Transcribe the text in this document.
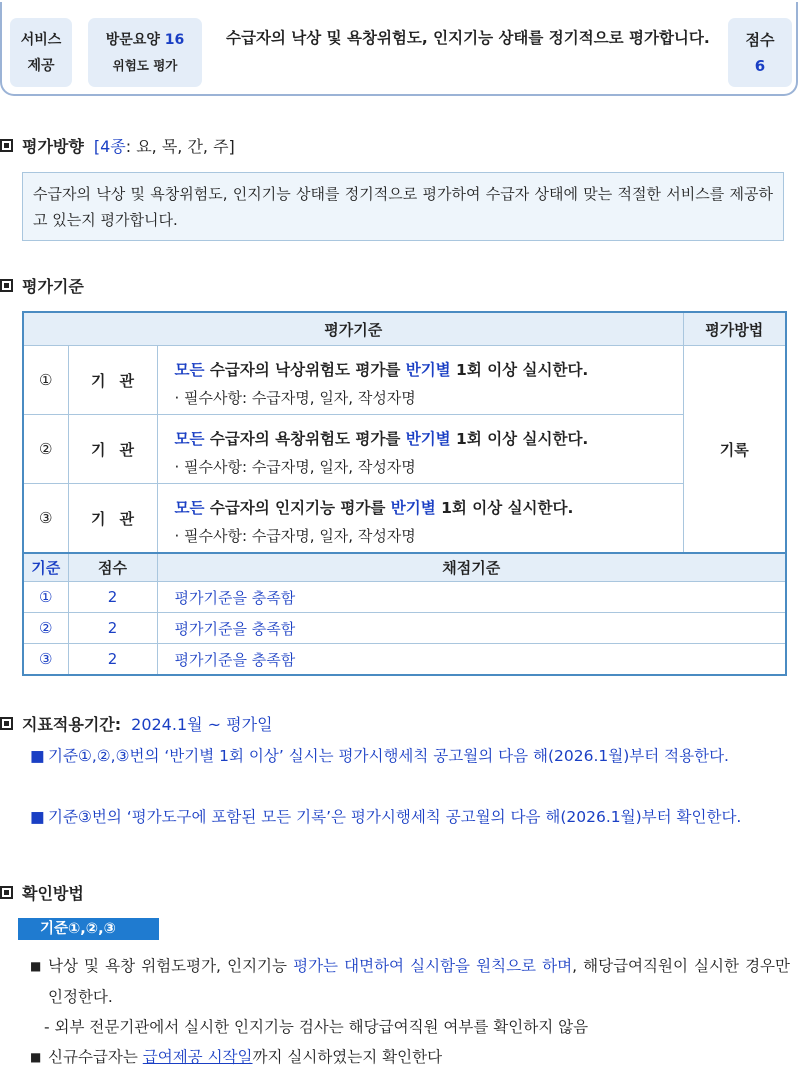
서비스
제공
방문요양 16
위험도 평가
수급자의 낙상 및 욕창위험도, 인지기능 상태를 정기적으로 평가합니다.	점수
6
평가방향 [4종: 요, 목, 간, 주]
수급자의 낙상 및 욕창위험도, 인지기능 상태를 정기적으로 평가하여 수급자 상태에 맞는 적절한 서비스를 제공하고 있는지 평가합니다.
평가기준
평가기준			평가방법
①	기관	모든 수급자의 낙상위험도 평가를 반기별 1회 이상 실시한다.	기록
		· 필수사항: 수급자명, 일자, 작성자명	
②	기관	모든 수급자의 욕창위험도 평가를 반기별 1회 이상 실시한다.	
		· 필수사항: 수급자명, 일자, 작성자명	
③	기관	모든 수급자의 인지기능 평가를 반기별 1회 이상 실시한다.	
		· 필수사항: 수급자명, 일자, 작성자명	
기준	점수	채점기준	
①	2	평가기준을 충족함	
②	2	평가기준을 충족함	
③	2	평가기준을 충족함	
지표적용기간: 2024.1월 ~ 평가일
■ 기준①,②,③번의 ‘반기별 1회 이상’ 실시는 평가시행세칙 공고월의 다음 해(2026.1월)부터 적용한다.
■ 기준③번의 ‘평가도구에 포함된 모든 기록’은 평가시행세칙 공고월의 다음 해(2026.1월)부터 확인한다.
확인방법
기준①,②,③
■ 낙상 및 욕창 위험도평가, 인지기능 평가는 대면하여 실시함을 원칙으로 하며, 해당급여직원이 실시한 경우만 인정한다.
- 외부 전문기관에서 실시한 인지기능 검사는 해당급여직원 여부를 확인하지 않음
■ 신규수급자는 급여제공 시작일까지 실시하였는지 확인한다
